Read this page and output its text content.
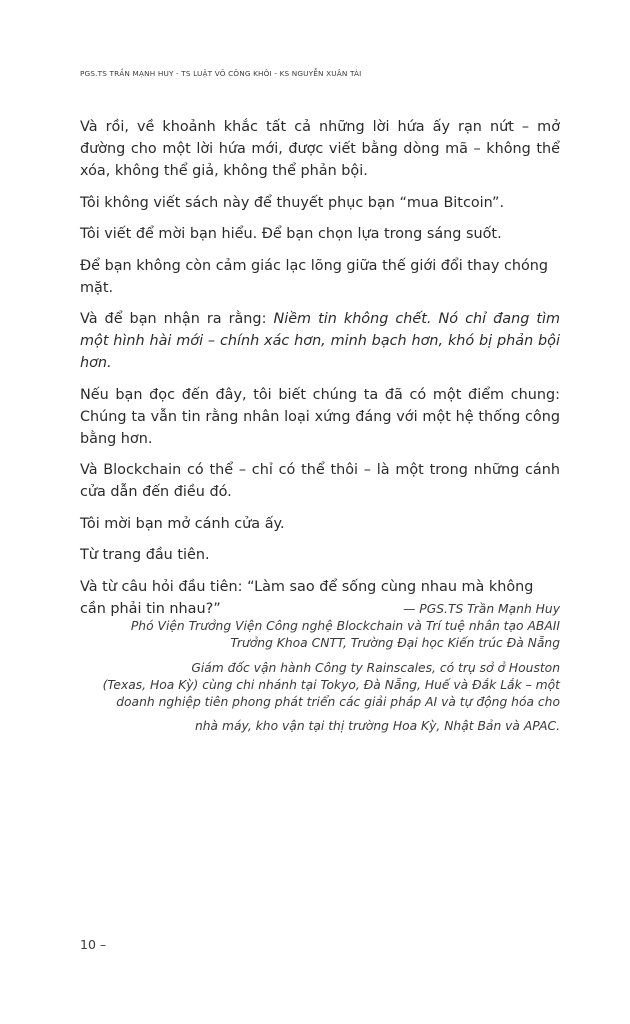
PGS.TS TRẦN MẠNH HUY - TS LUẬT VÕ CÔNG KHÔI - KS NGUYỄN XUÂN TÀI

Và rồi, về khoảnh khắc tất cả những lời hứa ấy rạn nứt – mở đường cho một lời hứa mới, được viết bằng dòng mã – không thể xóa, không thể giả, không thể phản bội.

Tôi không viết sách này để thuyết phục bạn “mua Bitcoin”.

Tôi viết để mời bạn hiểu. Để bạn chọn lựa trong sáng suốt.

Để bạn không còn cảm giác lạc lõng giữa thế giới đổi thay chóng mặt.

Và để bạn nhận ra rằng: Niềm tin không chết. Nó chỉ đang tìm một hình hài mới – chính xác hơn, minh bạch hơn, khó bị phản bội hơn.

Nếu bạn đọc đến đây, tôi biết chúng ta đã có một điểm chung: Chúng ta vẫn tin rằng nhân loại xứng đáng với một hệ thống công bằng hơn.

Và Blockchain có thể – chỉ có thể thôi – là một trong những cánh cửa dẫn đến điều đó.

Tôi mời bạn mở cánh cửa ấy.

Từ trang đầu tiên.

Và từ câu hỏi đầu tiên: “Làm sao để sống cùng nhau mà không cần phải tin nhau?”	— PGS.TS Trần Mạnh Huy
Phó Viện Trưởng Viện Công nghệ Blockchain và Trí tuệ nhân tạo ABAII
Trưởng Khoa CNTT, Trường Đại học Kiến trúc Đà Nẵng
Giám đốc vận hành Công ty Rainscales, có trụ sở ở Houston
(Texas, Hoa Kỳ) cùng chi nhánh tại Tokyo, Đà Nẵng, Huế và Đắk Lắk – một
doanh nghiệp tiên phong phát triển các giải pháp AI và tự động hóa cho
nhà máy, kho vận tại thị trường Hoa Kỳ, Nhật Bản và APAC.
10 –
